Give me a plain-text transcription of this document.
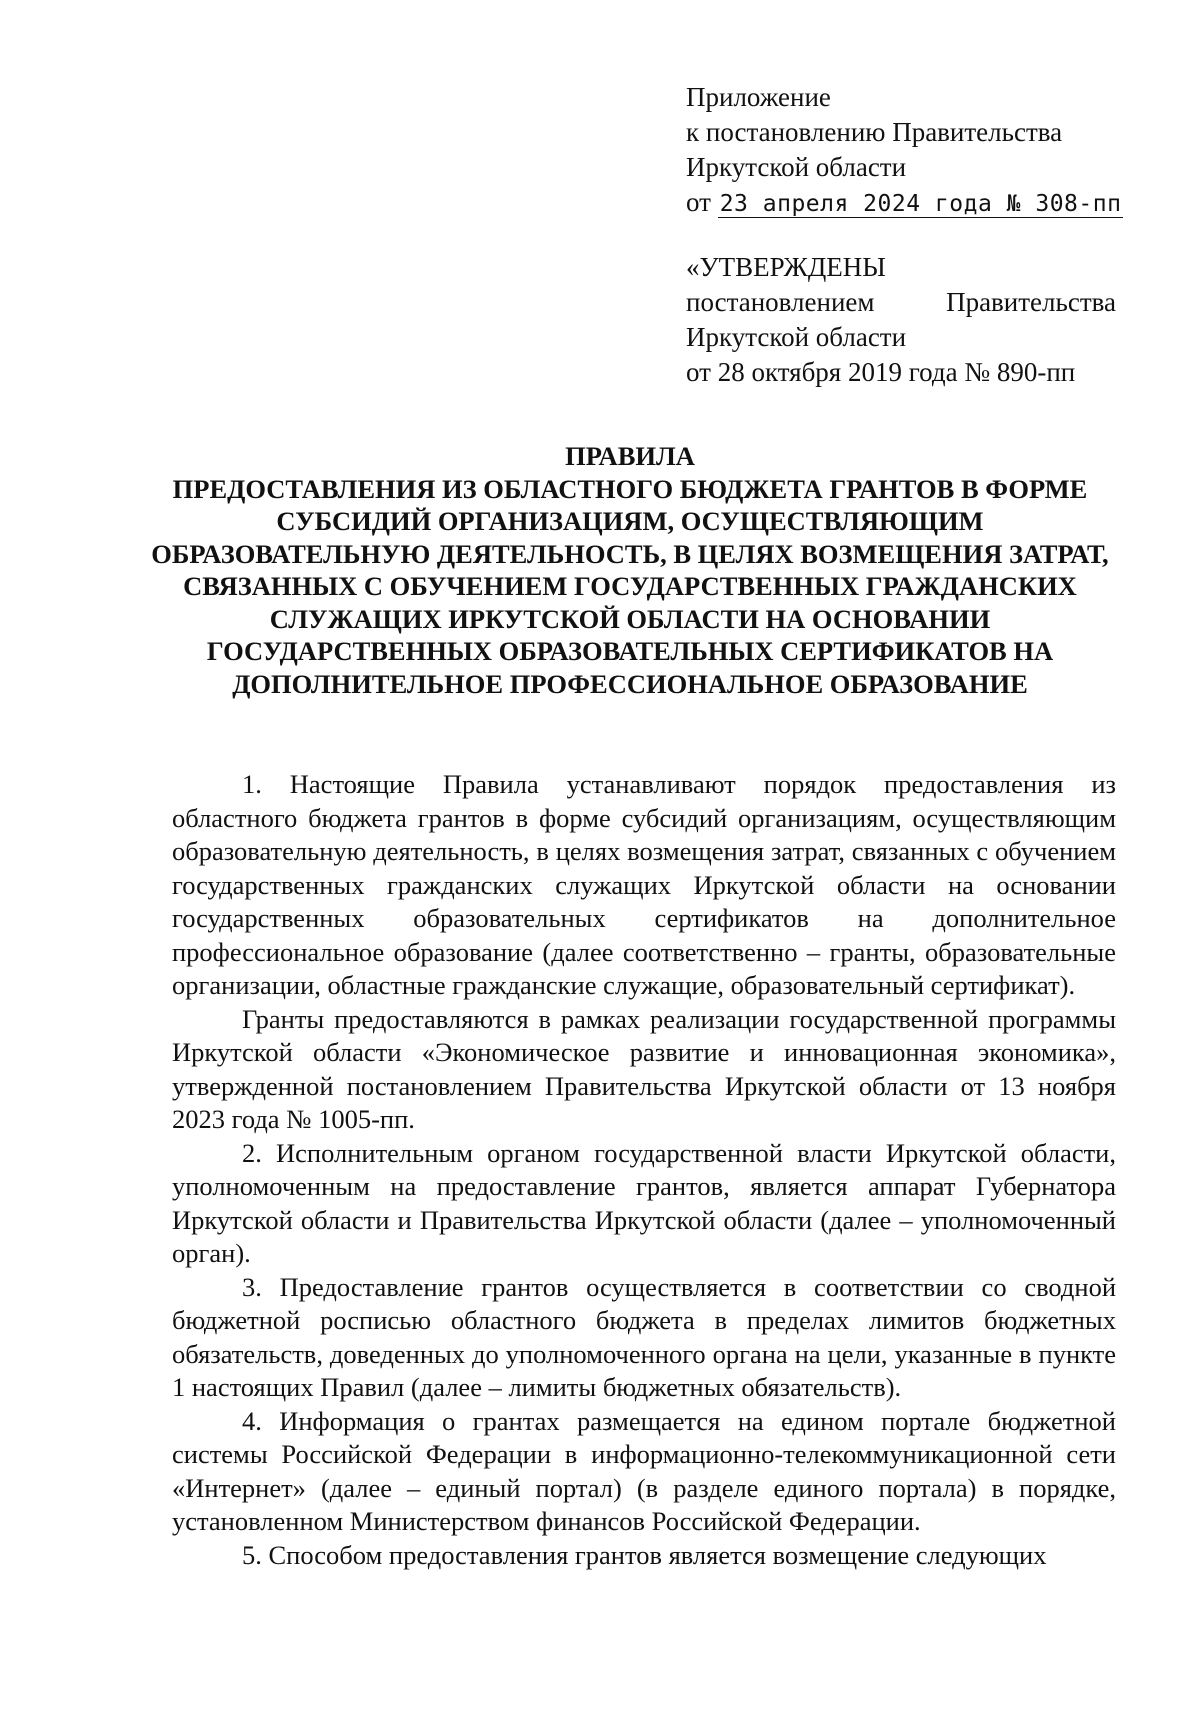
Приложение
к постановлению Правительства
Иркутской области
от 23 апреля 2024 года № 308-пп
«УТВЕРЖДЕНЫ
постановлением	Правительства
Иркутской области
от 28 октября 2019 года № 890-пп
ПРАВИЛА
ПРЕДОСТАВЛЕНИЯ ИЗ ОБЛАСТНОГО БЮДЖЕТА ГРАНТОВ В ФОРМЕ СУБСИДИЙ ОРГАНИЗАЦИЯМ, ОСУЩЕСТВЛЯЮЩИМ ОБРАЗОВАТЕЛЬНУЮ ДЕЯТЕЛЬНОСТЬ, В ЦЕЛЯХ ВОЗМЕЩЕНИЯ ЗАТРАТ, СВЯЗАННЫХ С ОБУЧЕНИЕМ ГОСУДАРСТВЕННЫХ ГРАЖДАНСКИХ СЛУЖАЩИХ ИРКУТСКОЙ ОБЛАСТИ НА ОСНОВАНИИ ГОСУДАРСТВЕННЫХ ОБРАЗОВАТЕЛЬНЫХ СЕРТИФИКАТОВ НА ДОПОЛНИТЕЛЬНОЕ ПРОФЕССИОНАЛЬНОЕ ОБРАЗОВАНИЕ

1. Настоящие Правила устанавливают порядок предоставления из областного бюджета грантов в форме субсидий организациям, осуществляющим образовательную деятельность, в целях возмещения затрат, связанных с обучением государственных гражданских служащих Иркутской области на основании государственных образовательных сертификатов на дополнительное профессиональное образование (далее соответственно – гранты, образовательные организации, областные гражданские служащие, образовательный сертификат).

Гранты предоставляются в рамках реализации государственной программы Иркутской области «Экономическое развитие и инновационная экономика», утвержденной постановлением Правительства Иркутской области от 13 ноября 2023 года № 1005-пп.

2. Исполнительным органом государственной власти Иркутской области, уполномоченным на предоставление грантов, является аппарат Губернатора Иркутской области и Правительства Иркутской области (далее – уполномоченный орган).

3. Предоставление грантов осуществляется в соответствии со сводной бюджетной росписью областного бюджета в пределах лимитов бюджетных обязательств, доведенных до уполномоченного органа на цели, указанные в пункте 1 настоящих Правил (далее – лимиты бюджетных обязательств).

4. Информация о грантах размещается на едином портале бюджетной системы Российской Федерации в информационно-телекоммуникационной сети «Интернет» (далее – единый портал) (в разделе единого портала) в порядке, установленном Министерством финансов Российской Федерации.

5. Способом предоставления грантов является возмещение следующих
